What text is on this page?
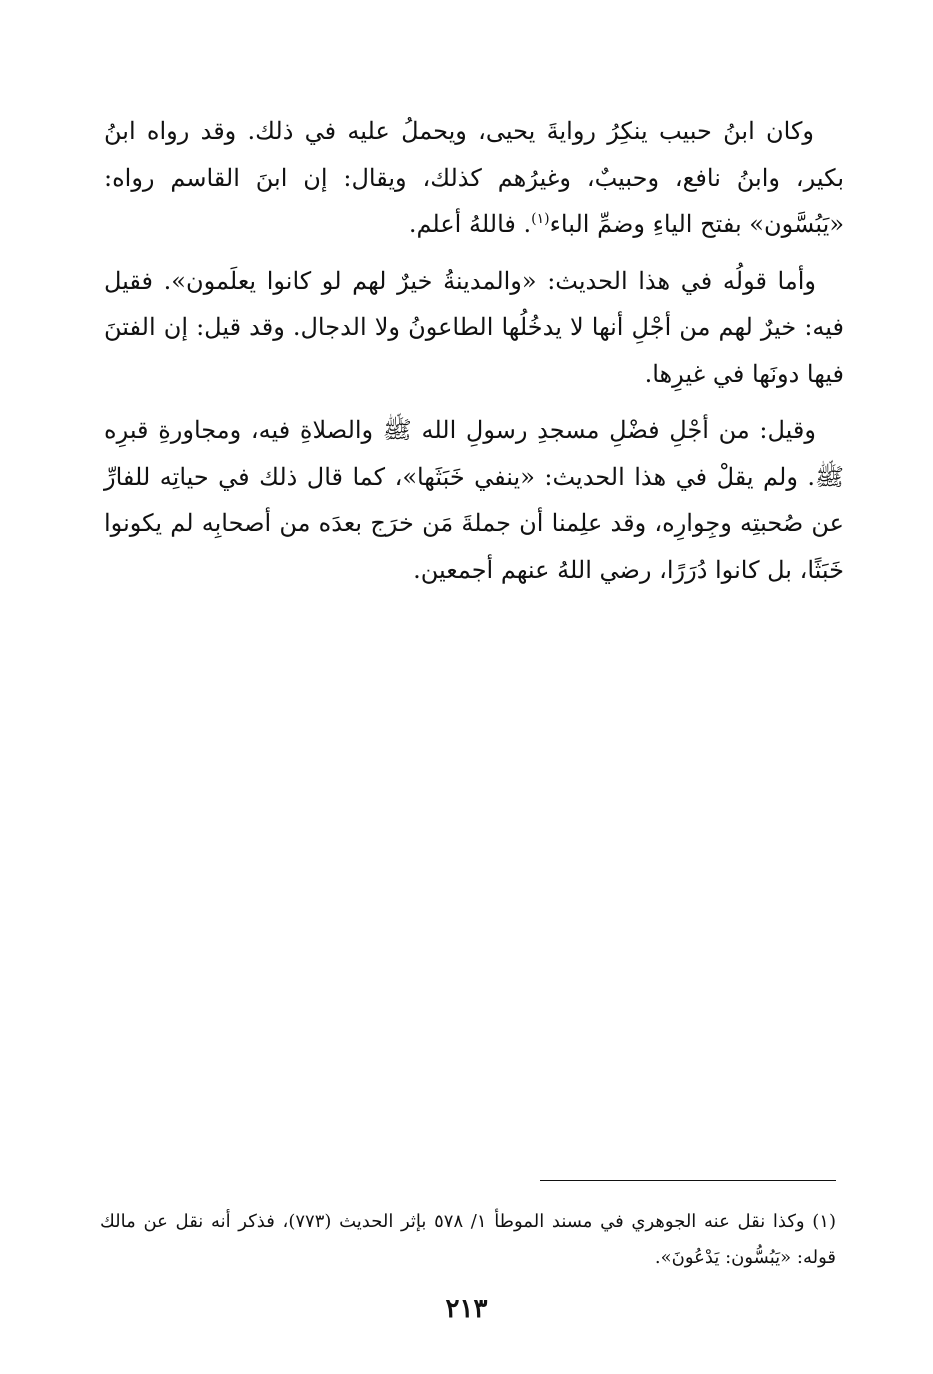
وكان ابنُ حبيب ينكِرُ روايةَ يحيى، ويحملُ عليه في ذلك. وقد رواه ابنُ بكير، وابنُ نافع، وحبيبٌ، وغيرُهم كذلك، ويقال: إن ابنَ القاسم رواه: «يَبُسَّون» بفتح الياءِ وضمِّ الباء$^{(١)}$. فاللهُ أعلم.

وأما قولُه في هذا الحديث: «والمدينةُ خيرٌ لهم لو كانوا يعلَمون». فقيل فيه: خيرٌ لهم من أجْلِ أنها لا يدخُلُها الطاعونُ ولا الدجال. وقد قيل: إن الفتنَ فيها دونَها في غيرِها.

وقيل: من أجْلِ فضْلِ مسجدِ رسولِ الله ﷺ والصلاةِ فيه، ومجاورةِ قبرِه ﷺ. ولم يقلْ في هذا الحديث: «ينفي خَبَثَها»، كما قال ذلك في حياتِه للفارِّ عن صُحبتِه وجِوارِه، وقد علِمنا أن جملةَ مَن خرَج بعدَه من أصحابِه لم يكونوا خَبَثًا، بل كانوا دُرَرًا، رضي اللهُ عنهم أجمعين.

(١) وكذا نقل عنه الجوهري في مسند الموطأ ١/ ٥٧٨ بإثر الحديث (٧٧٣)، فذكر أنه نقل عن مالك قوله: «يَبُسُّون: يَدْعُونَ».
٢١٣
